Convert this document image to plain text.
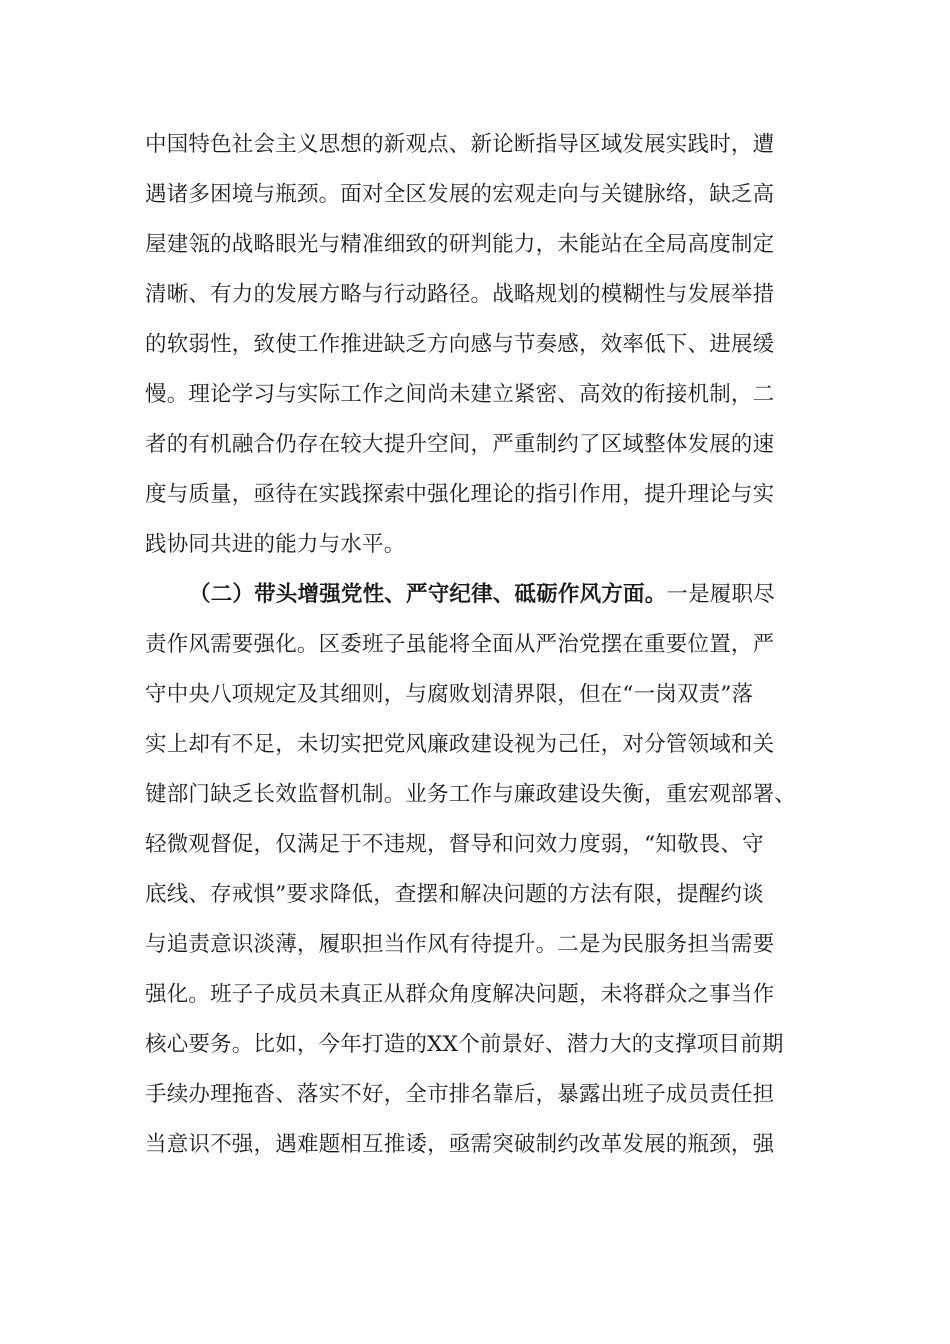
中国特色社会主义思想的新观点、新论断指导区域发展实践时，遭
遇诸多困境与瓶颈。面对全区发展的宏观走向与关键脉络，缺乏高
屋建瓴的战略眼光与精准细致的研判能力，未能站在全局高度制定
清晰、有力的发展方略与行动路径。战略规划的模糊性与发展举措
的软弱性，致使工作推进缺乏方向感与节奏感，效率低下、进展缓
慢。理论学习与实际工作之间尚未建立紧密、高效的衔接机制，二
者的有机融合仍存在较大提升空间，严重制约了区域整体发展的速
度与质量，亟待在实践探索中强化理论的指引作用，提升理论与实
践协同共进的能力与水平。
（二）带头增强党性、严守纪律、砥砺作风方面。一是履职尽
责作风需要强化。区委班子虽能将全面从严治党摆在重要位置，严
守中央八项规定及其细则，与腐败划清界限，但在“一岗双责”落
实上却有不足，未切实把党风廉政建设视为己任，对分管领域和关
键部门缺乏长效监督机制。业务工作与廉政建设失衡，重宏观部署、
轻微观督促，仅满足于不违规，督导和问效力度弱，“知敬畏、守
底线、存戒惧”要求降低，查摆和解决问题的方法有限，提醒约谈
与追责意识淡薄，履职担当作风有待提升。二是为民服务担当需要
强化。班子子成员未真正从群众角度解决问题，未将群众之事当作
核心要务。比如，今年打造的XX个前景好、潜力大的支撑项目前期
手续办理拖沓、落实不好，全市排名靠后，暴露出班子成员责任担
当意识不强，遇难题相互推诿，亟需突破制约改革发展的瓶颈，强
